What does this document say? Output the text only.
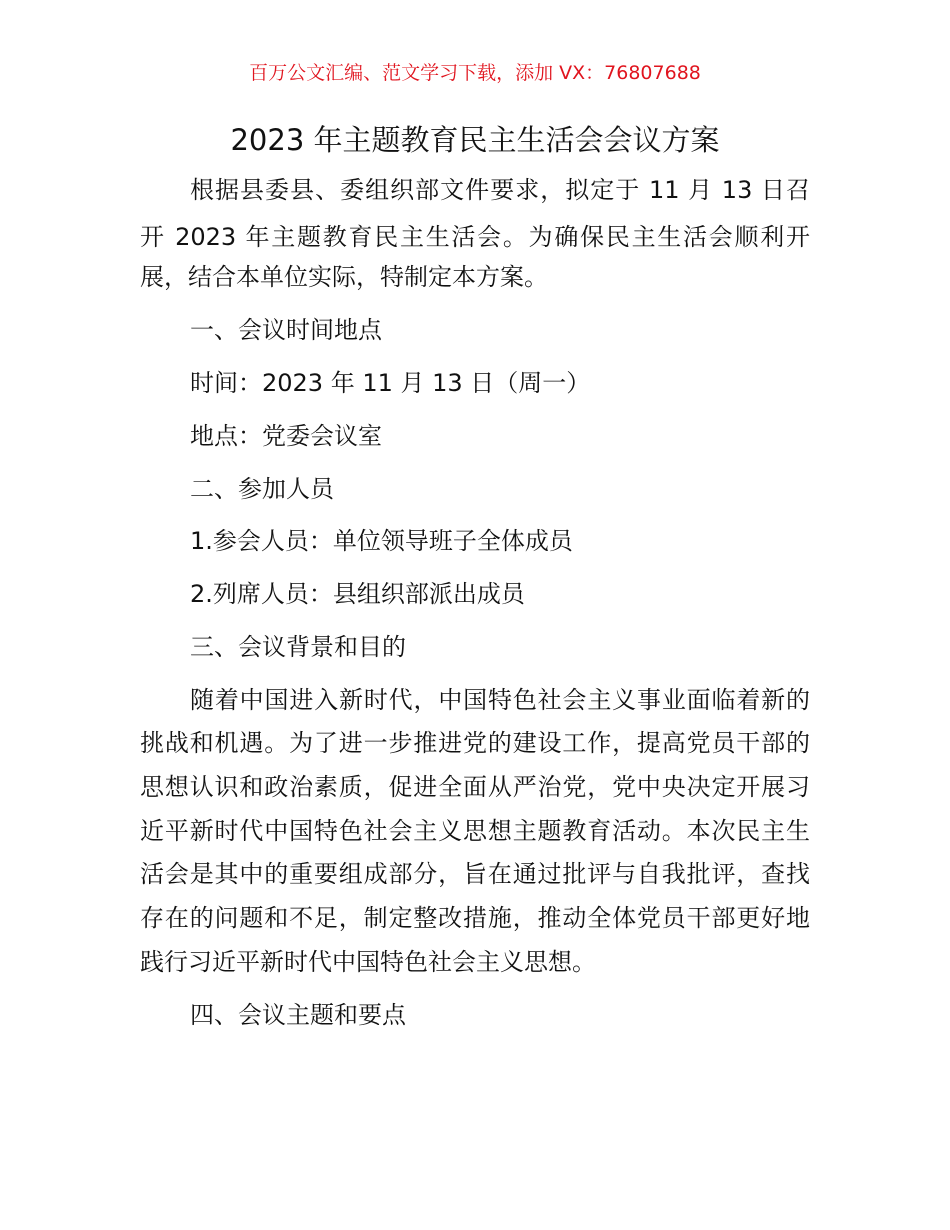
百万公文汇编、范文学习下载，添加 VX：76807688
2023 年主题教育民主生活会会议方案
根据县委县、委组织部文件要求，拟定于 11 月 13 日召
开 2023 年主题教育民主生活会。为确保民主生活会顺利开
展，结合本单位实际，特制定本方案。
一、会议时间地点
时间：2023 年 11 月 13 日（周一）
地点：党委会议室
二、参加人员
1.参会人员：单位领导班子全体成员
2.列席人员：县组织部派出成员
三、会议背景和目的
随着中国进入新时代，中国特色社会主义事业面临着新的
挑战和机遇。为了进一步推进党的建设工作，提高党员干部的
思想认识和政治素质，促进全面从严治党，党中央决定开展习
近平新时代中国特色社会主义思想主题教育活动。本次民主生
活会是其中的重要组成部分，旨在通过批评与自我批评，查找
存在的问题和不足，制定整改措施，推动全体党员干部更好地
践行习近平新时代中国特色社会主义思想。
四、会议主题和要点
